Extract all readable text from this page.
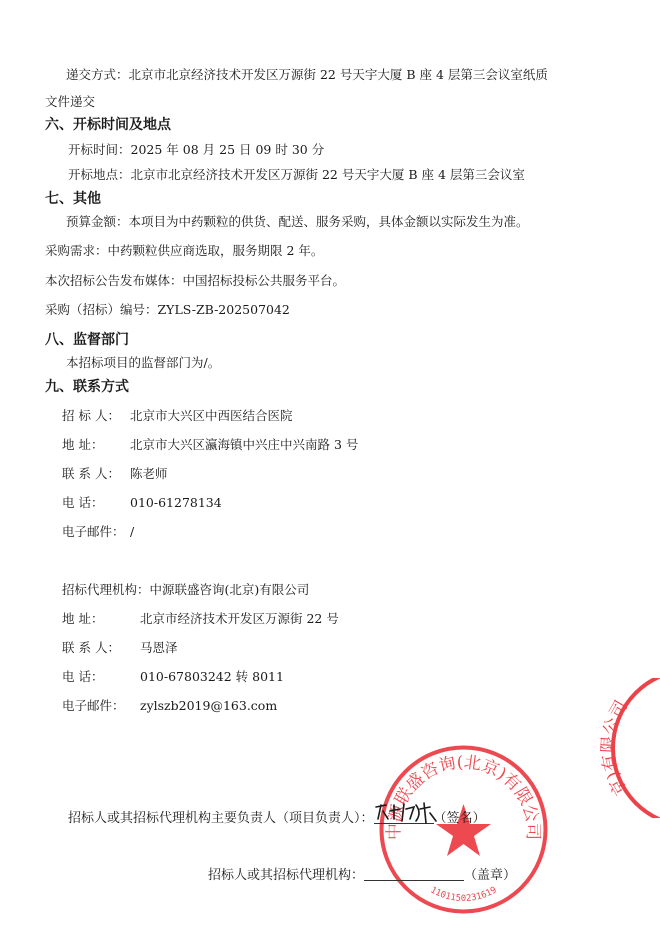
递交方式：北京市北京经济技术开发区万源街 22 号天宇大厦 B 座 4 层第三会议室纸质
文件递交
六、开标时间及地点
开标时间：2025 年 08 月 25 日 09 时 30 分
开标地点：北京市北京经济技术开发区万源街 22 号天宇大厦 B 座 4 层第三会议室
七、其他
预算金额：本项目为中药颗粒的供货、配送、服务采购，具体金额以实际发生为准。
采购需求：中药颗粒供应商选取，服务期限 2 年。
本次招标公告发布媒体：中国招标投标公共服务平台。
采购（招标）编号：ZYLS-ZB-202507042
八、监督部门
本招标项目的监督部门为/。
九、联系方式
招 标 人： 北京市大兴区中西医结合医院
地 址： 北京市大兴区瀛海镇中兴庄中兴南路 3 号
联 系 人： 陈老师
电 话： 010-61278134
电子邮件： /
招标代理机构：中源联盛咨询(北京)有限公司
地 址：	北京市经济技术开发区万源街 22 号
联 系 人： 马恩泽
电 话：	010-67803242 转 8011
电子邮件： zylszb2019@163.com
中源联盛咨询(北京)有限公司
1101150231619
京)有限公司
招标人或其招标代理机构主要负责人（项目负责人）：	（签名）
招标人或其招标代理机构：	（盖章）
